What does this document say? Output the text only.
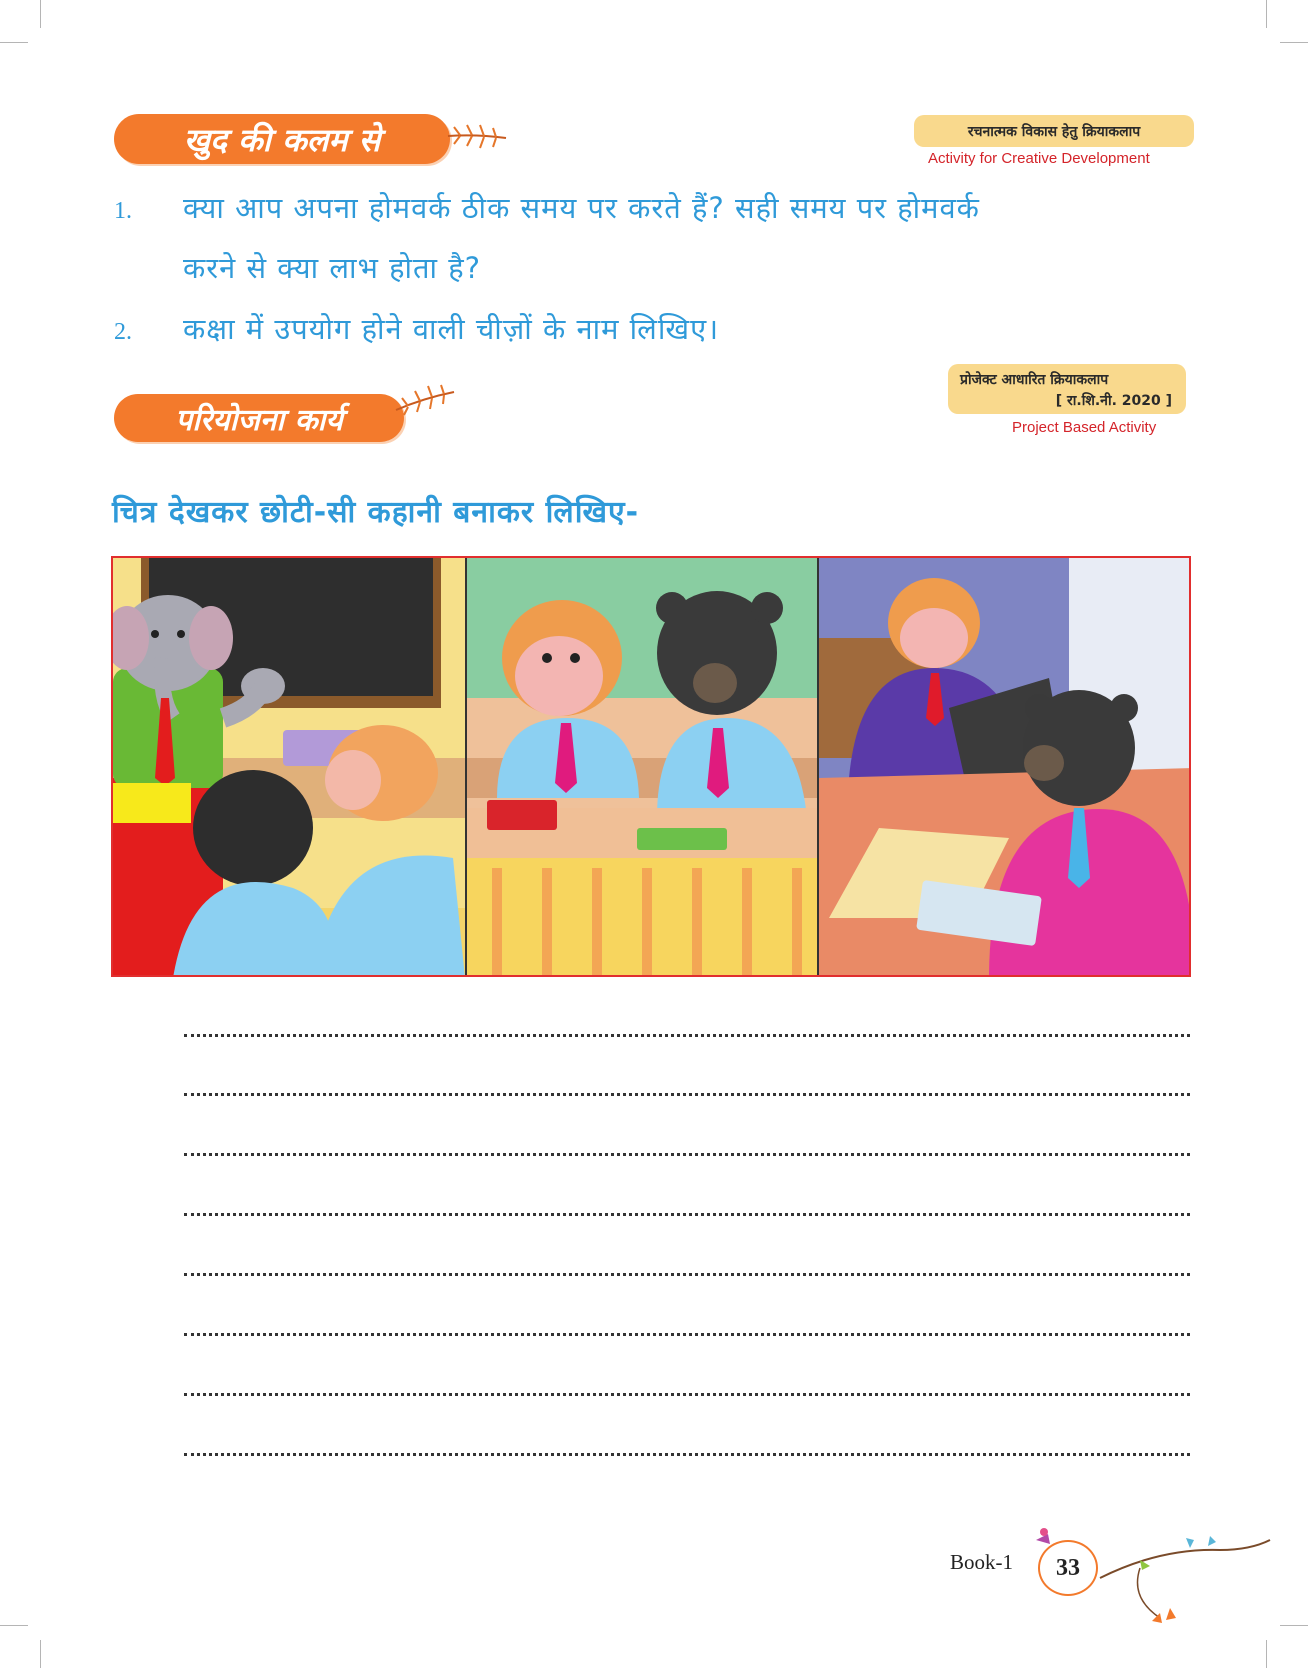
खुद की कलम से	रचनात्मक विकास हेतु क्रियाकलाप
Activity for Creative Development
1. क्या आप अपना होमवर्क ठीक समय पर करते हैं? सही समय पर होमवर्क
करने से क्या लाभ होता है?
2. कक्षा में उपयोग होने वाली चीज़ों के नाम लिखिए।
परियोजना कार्य
प्रोजेक्ट आधारित क्रियाकलाप
[ रा.शि.नी. 2020 ]
Project Based Activity
चित्र देखकर छोटी-सी कहानी बनाकर लिखिए-
Book-1	33
